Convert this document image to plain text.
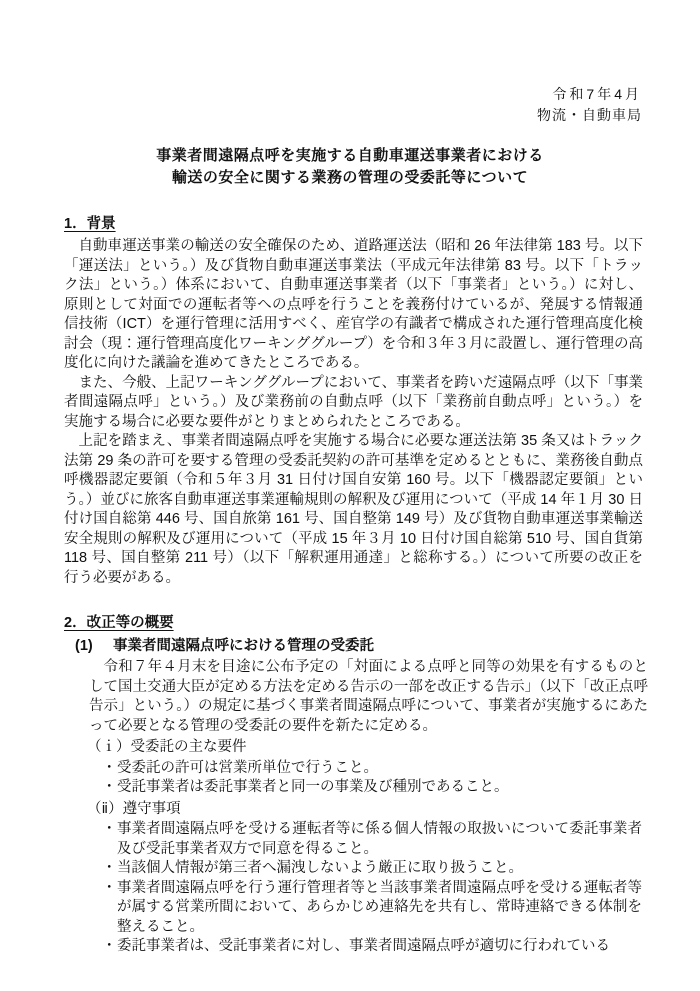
令和7年4月
物流・自動車局
事業者間遠隔点呼を実施する自動車運送事業者における
輸送の安全に関する業務の管理の受委託等について
1．背景

自動車運送事業の輸送の安全確保のため、道路運送法（昭和 26 年法律第 183 号。以下「運送法」という。）及び貨物自動車運送事業法（平成元年法律第 83 号。以下「トラック法」という。）体系において、自動車運送事業者（以下「事業者」という。）に対し、原則として対面での運転者等への点呼を行うことを義務付けているが、発展する情報通信技術（ICT）を運行管理に活用すべく、産官学の有識者で構成された運行管理高度化検討会（現：運行管理高度化ワーキンググループ）を令和３年３月に設置し、運行管理の高度化に向けた議論を進めてきたところである。

また、今般、上記ワーキンググループにおいて、事業者を跨いだ遠隔点呼（以下「事業者間遠隔点呼」という。）及び業務前の自動点呼（以下「業務前自動点呼」という。）を実施する場合に必要な要件がとりまとめられたところである。

上記を踏まえ、事業者間遠隔点呼を実施する場合に必要な運送法第 35 条又はトラック法第 29 条の許可を要する管理の受委託契約の許可基準を定めるとともに、業務後自動点呼機器認定要領（令和５年３月 31 日付け国自安第 160 号。以下「機器認定要領」という。）並びに旅客自動車運送事業運輸規則の解釈及び運用について（平成 14 年１月 30 日付け国自総第 446 号、国自旅第 161 号、国自整第 149 号）及び貨物自動車運送事業輸送安全規則の解釈及び運用について（平成 15 年３月 10 日付け国自総第 510 号、国自貨第 118 号、国自整第 211 号）（以下「解釈運用通達」と総称する。）について所要の改正を行う必要がある。

2．改正等の概要
(1)	事業者間遠隔点呼における管理の受委託

令和７年４月末を目途に公布予定の「対面による点呼と同等の効果を有するものとして国土交通大臣が定める方法を定める告示の一部を改正する告示」（以下「改正点呼告示」という。）の規定に基づく事業者間遠隔点呼について、事業者が実施するにあたって必要となる管理の受委託の要件を新たに定める。

（ｉ）受委託の主な要件
・ 受委託の許可は営業所単位で行うこと。
・ 受託事業者は委託事業者と同一の事業及び種別であること。
（ⅱ）遵守事項
・ 事業者間遠隔点呼を受ける運転者等に係る個人情報の取扱いについて委託事業者及び受託事業者双方で同意を得ること。
・ 当該個人情報が第三者へ漏洩しないよう厳正に取り扱うこと。
・ 事業者間遠隔点呼を行う運行管理者等と当該事業者間遠隔点呼を受ける運転者等が属する営業所間において、あらかじめ連絡先を共有し、常時連絡できる体制を整えること。
・ 委託事業者は、受託事業者に対し、事業者間遠隔点呼が適切に行われている
